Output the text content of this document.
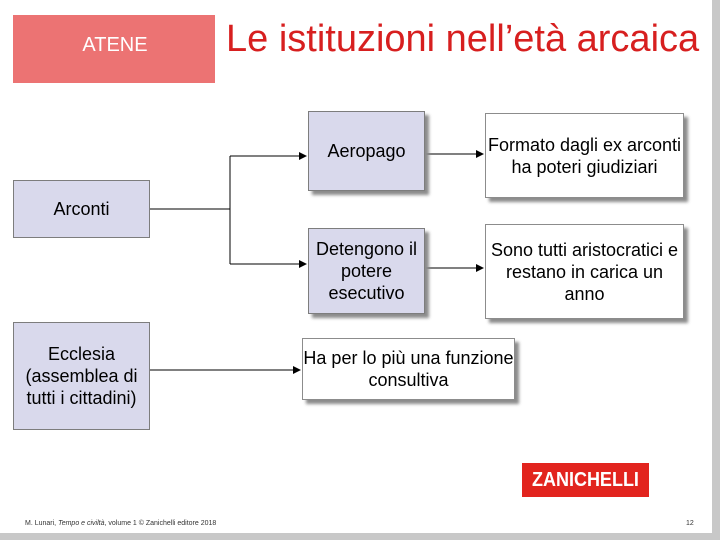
ATENE	Le istituzioni nell’età arcaica
Arconti
Ecclesia (assemblea di tutti i cittadini)
Aeropago
Detengono il potere esecutivo
Formato dagli ex arconti ha poteri giudiziari
Sono tutti aristocratici e restano in carica un anno
Ha per lo più una funzione consultiva
ZANICHELLI
M. Lunari, Tempo e civiltà, volume 1 © Zanichelli editore 2018	12
